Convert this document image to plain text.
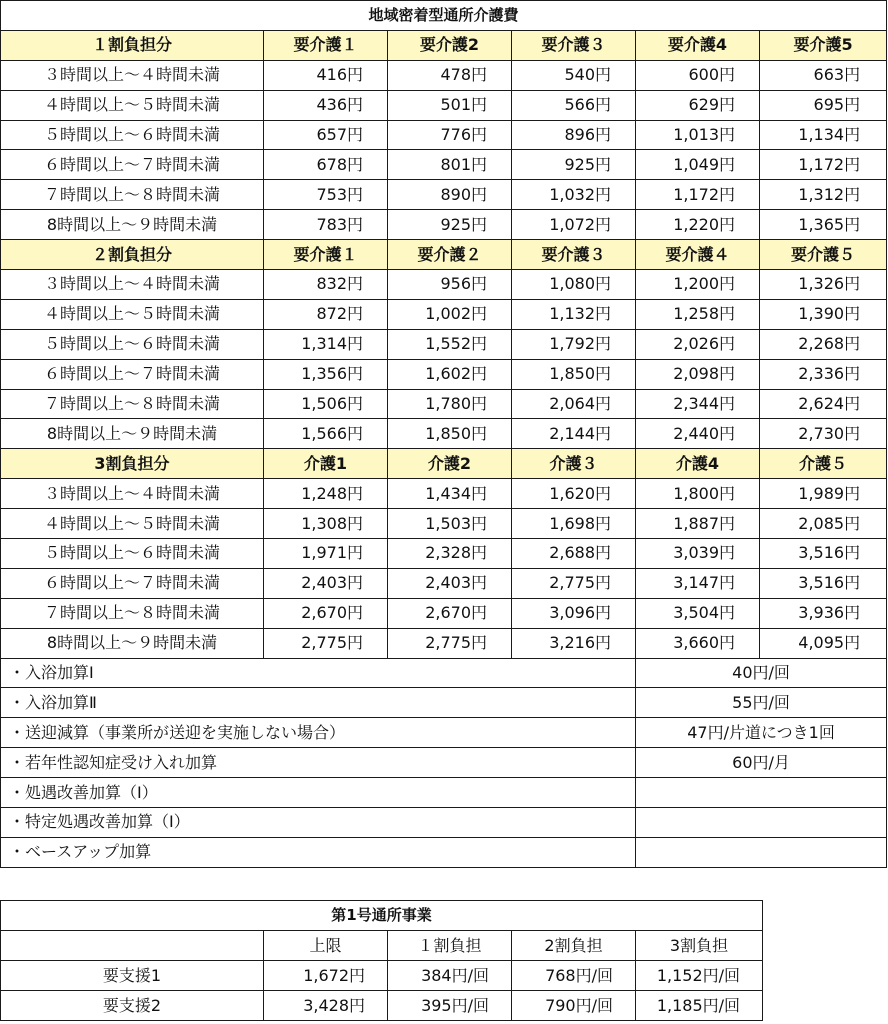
地域密着型通所介護費					
１割負担分	要介護１	要介護2	要介護３	要介護4	要介護5
３時間以上～４時間未満	416円	478円	540円	600円	663円
４時間以上～５時間未満	436円	501円	566円	629円	695円
５時間以上～６時間未満	657円	776円	896円	1,013円	1,134円
６時間以上～７時間未満	678円	801円	925円	1,049円	1,172円
７時間以上～８時間未満	753円	890円	1,032円	1,172円	1,312円
8時間以上～９時間未満	783円	925円	1,072円	1,220円	1,365円
２割負担分	要介護１	要介護２	要介護３	要介護４	要介護５
３時間以上～４時間未満	832円	956円	1,080円	1,200円	1,326円
４時間以上～５時間未満	872円	1,002円	1,132円	1,258円	1,390円
５時間以上～６時間未満	1,314円	1,552円	1,792円	2,026円	2,268円
６時間以上～７時間未満	1,356円	1,602円	1,850円	2,098円	2,336円
７時間以上～８時間未満	1,506円	1,780円	2,064円	2,344円	2,624円
8時間以上～９時間未満	1,566円	1,850円	2,144円	2,440円	2,730円
3割負担分	介護1	介護2	介護３	介護4	介護５
３時間以上～４時間未満	1,248円	1,434円	1,620円	1,800円	1,989円
４時間以上～５時間未満	1,308円	1,503円	1,698円	1,887円	2,085円
５時間以上～６時間未満	1,971円	2,328円	2,688円	3,039円	3,516円
６時間以上～７時間未満	2,403円	2,403円	2,775円	3,147円	3,516円
７時間以上～８時間未満	2,670円	2,670円	3,096円	3,504円	3,936円
8時間以上～９時間未満	2,775円	2,775円	3,216円	3,660円	4,095円
・入浴加算Ⅰ				40円/回	
・入浴加算Ⅱ				55円/回	
・送迎減算（事業所が送迎を実施しない場合）				47円/片道につき1回	
・若年性認知症受け入れ加算				60円/月	
・処遇改善加算（Ⅰ）					
・特定処遇改善加算（Ⅰ）					
・ベースアップ加算					
第1号通所事業				
	上限	１割負担	2割負担	3割負担
要支援1	1,672円	384円/回	768円/回	1,152円/回
要支援2	3,428円	395円/回	790円/回	1,185円/回
